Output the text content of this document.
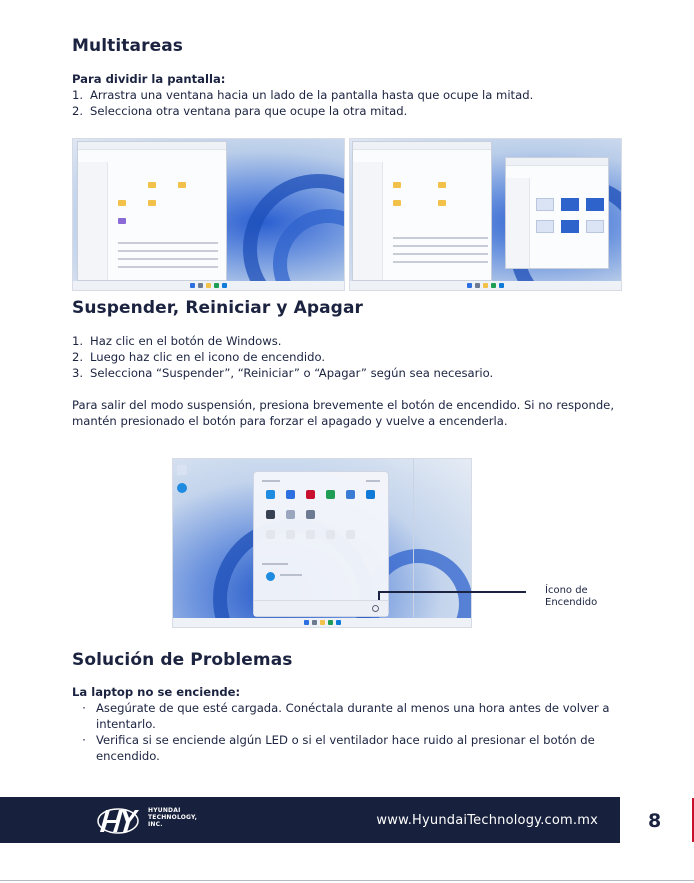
Multitareas
Para dividir la pantalla:
1. Arrastra una ventana hacia un lado de la pantalla hasta que ocupe la mitad.
2. Selecciona otra ventana para que ocupe la otra mitad.
Suspender, Reiniciar y Apagar
1. Haz clic en el botón de Windows.
2. Luego haz clic en el icono de encendido.
3. Selecciona “Suspender”, “Reiniciar” o “Apagar” según sea necesario.

Para salir del modo suspensión, presiona brevemente el botón de encendido. Si no responde, mantén presionado el botón para forzar el apagado y vuelve a encenderla.

Ícono de
Encendido
Solución de Problemas
La laptop no se enciende:
· Asegúrate de que esté cargada. Conéctala durante al menos una hora antes de volver a intentarlo.
· Verifica si se enciende algún LED o si el ventilador hace ruido al presionar el botón de encendido.
HYUNDAI
TECHNOLOGY,
INC.	www.HyundaiTechnology.com.mx	8
